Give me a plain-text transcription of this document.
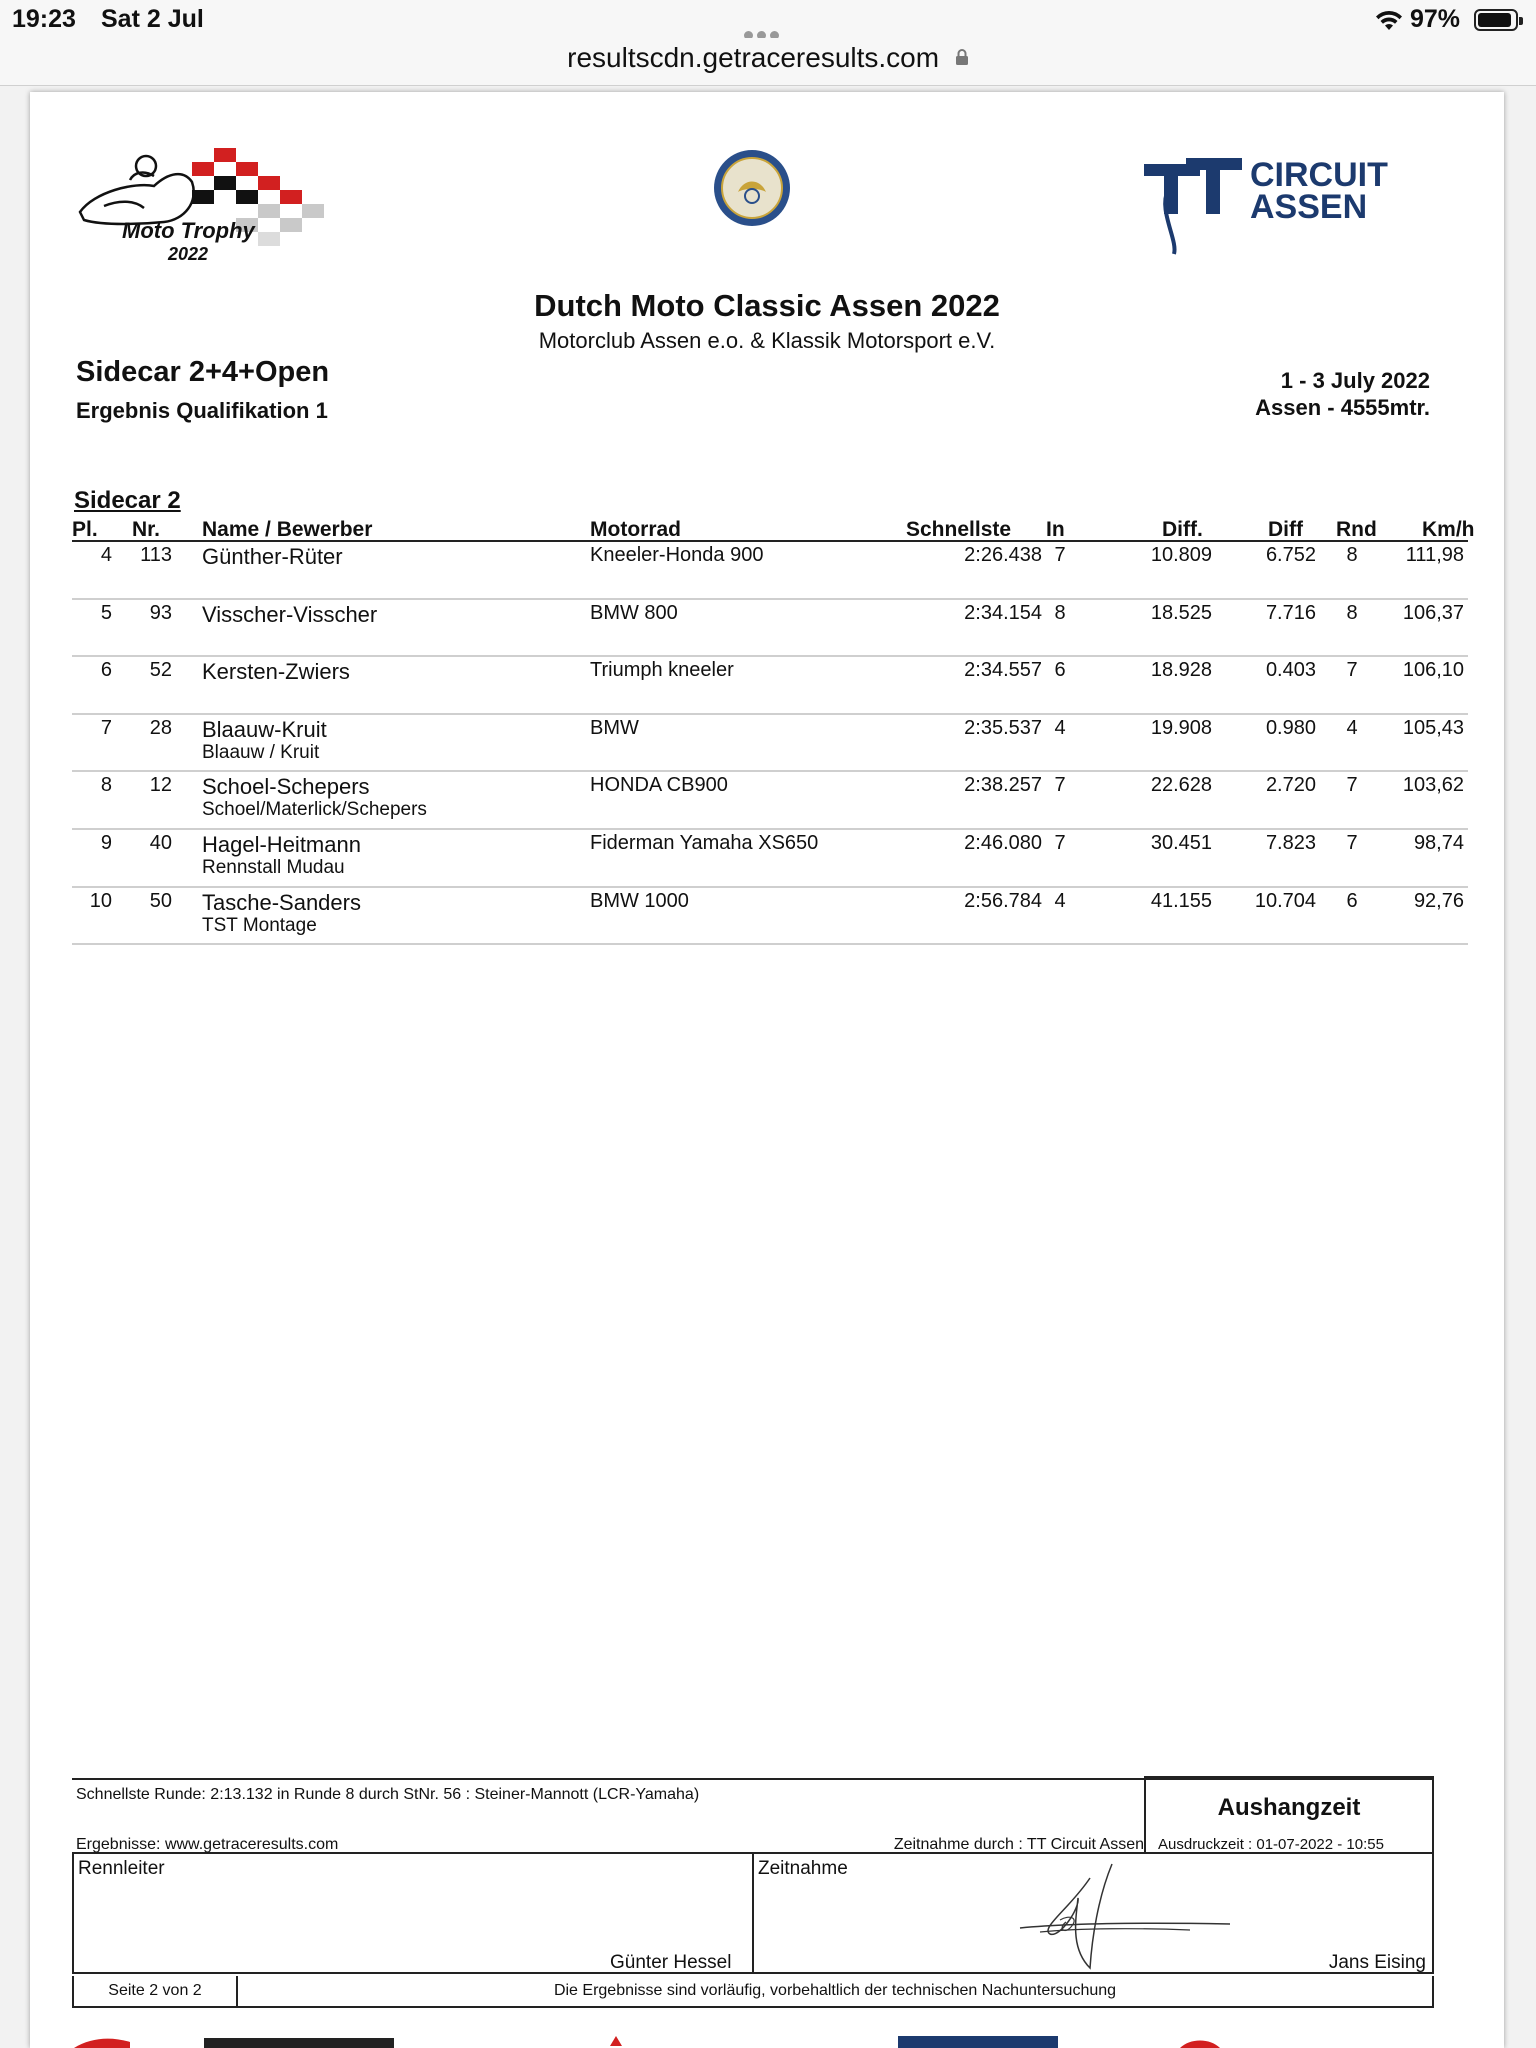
19:23 Sat 2 Jul	97%
resultscdn.getraceresults.com
Moto Trophy
2022
CIRCUIT
ASSEN
Dutch Moto Classic Assen 2022
Motorclub Assen e.o. & Klassik Motorsport e.V.
Sidecar 2+4+Open
Ergebnis Qualifikation 1
1 - 3 July 2022
Assen - 4555mtr.
Sidecar 2
Pl. Nr. Name / Bewerber	Motorrad	Schnellste In	Diff.	Diff Rnd Km/h
4	113 Günther-Rüter	Kneeler-Honda 900	2:26.438 7	10.809	6.752	8	111,98
5	93 Visscher-Visscher	BMW 800	2:34.154 8	18.525	7.716	8	106,37
6	52 Kersten-Zwiers	Triumph kneeler	2:34.557 6	18.928	0.403	7	106,10
7	28 Blaauw-Kruit	BMW	2:35.537 4	19.908	0.980	4	105,43
Blaauw / Kruit
8	12 Schoel-Schepers	HONDA CB900	2:38.257 7	22.628	2.720	7	103,62
Schoel/Materlick/Schepers
9	40 Hagel-Heitmann	Fiderman Yamaha XS650	2:46.080 7	30.451	7.823	7	98,74
Rennstall Mudau
10	50 Tasche-Sanders	BMW 1000	2:56.784 4	41.155	10.704	6	92,76
TST Montage
Schnellste Runde: 2:13.132 in Runde 8 durch StNr. 56 : Steiner-Mannott (LCR-Yamaha)
Ergebnisse: www.getraceresults.com	Zeitnahme durch : TT Circuit Assen
Aushangzeit
Ausdruckzeit : 01-07-2022 - 10:55
Rennleiter
Günter Hessel
Zeitnahme
Jans Eising
Seite 2 von 2	Die Ergebnisse sind vorläufig, vorbehaltlich der technischen Nachuntersuchung
